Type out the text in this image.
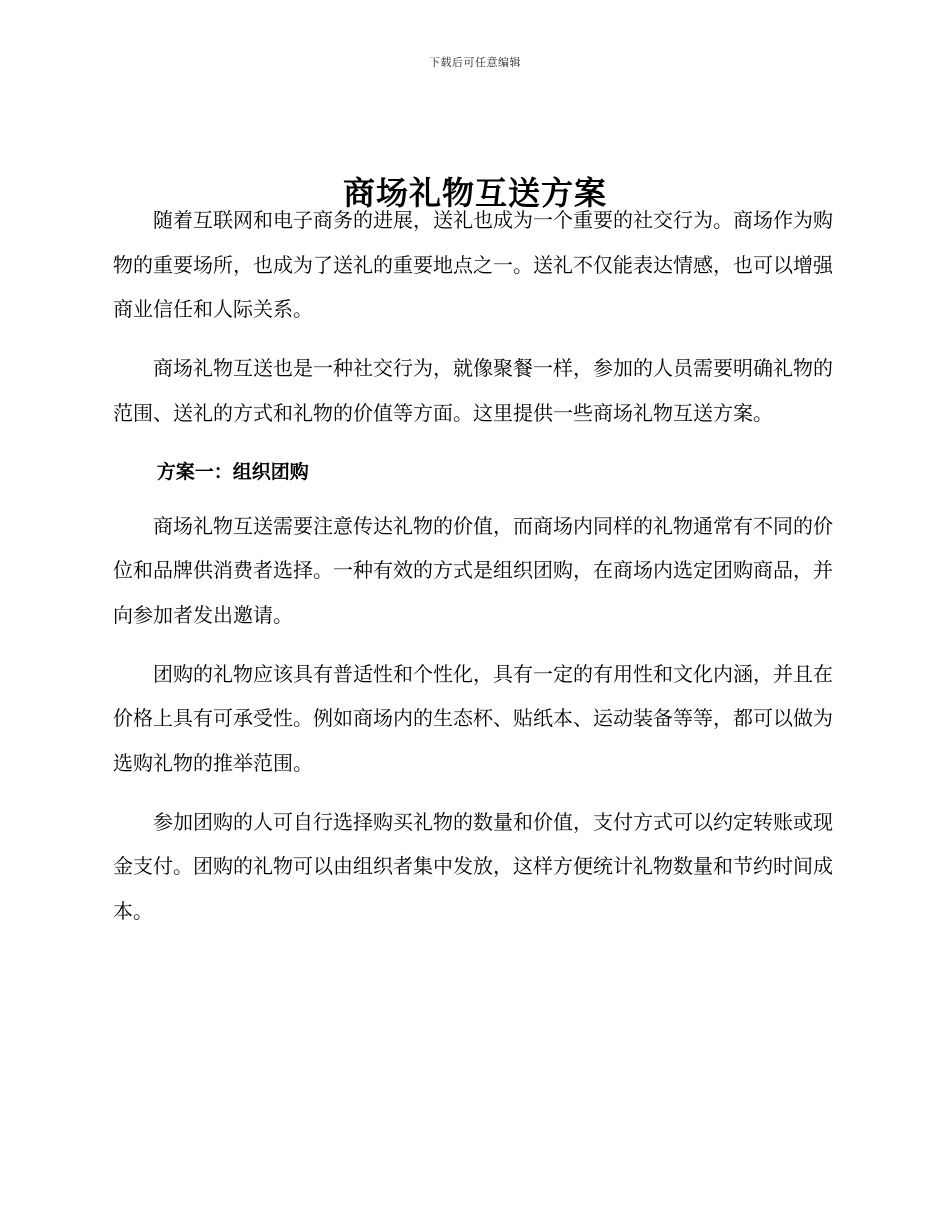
下载后可任意编辑
商场礼物互送方案

随着互联网和电子商务的进展，送礼也成为一个重要的社交行为。商场作为购物的重要场所，也成为了送礼的重要地点之一。送礼不仅能表达情感，也可以增强商业信任和人际关系。

商场礼物互送也是一种社交行为，就像聚餐一样，参加的人员需要明确礼物的范围、送礼的方式和礼物的价值等方面。这里提供一些商场礼物互送方案。

方案一：组织团购

商场礼物互送需要注意传达礼物的价值，而商场内同样的礼物通常有不同的价位和品牌供消费者选择。一种有效的方式是组织团购，在商场内选定团购商品，并向参加者发出邀请。

团购的礼物应该具有普适性和个性化，具有一定的有用性和文化内涵，并且在价格上具有可承受性。例如商场内的生态杯、贴纸本、运动装备等等，都可以做为选购礼物的推举范围。

参加团购的人可自行选择购买礼物的数量和价值，支付方式可以约定转账或现金支付。团购的礼物可以由组织者集中发放，这样方便统计礼物数量和节约时间成本。
